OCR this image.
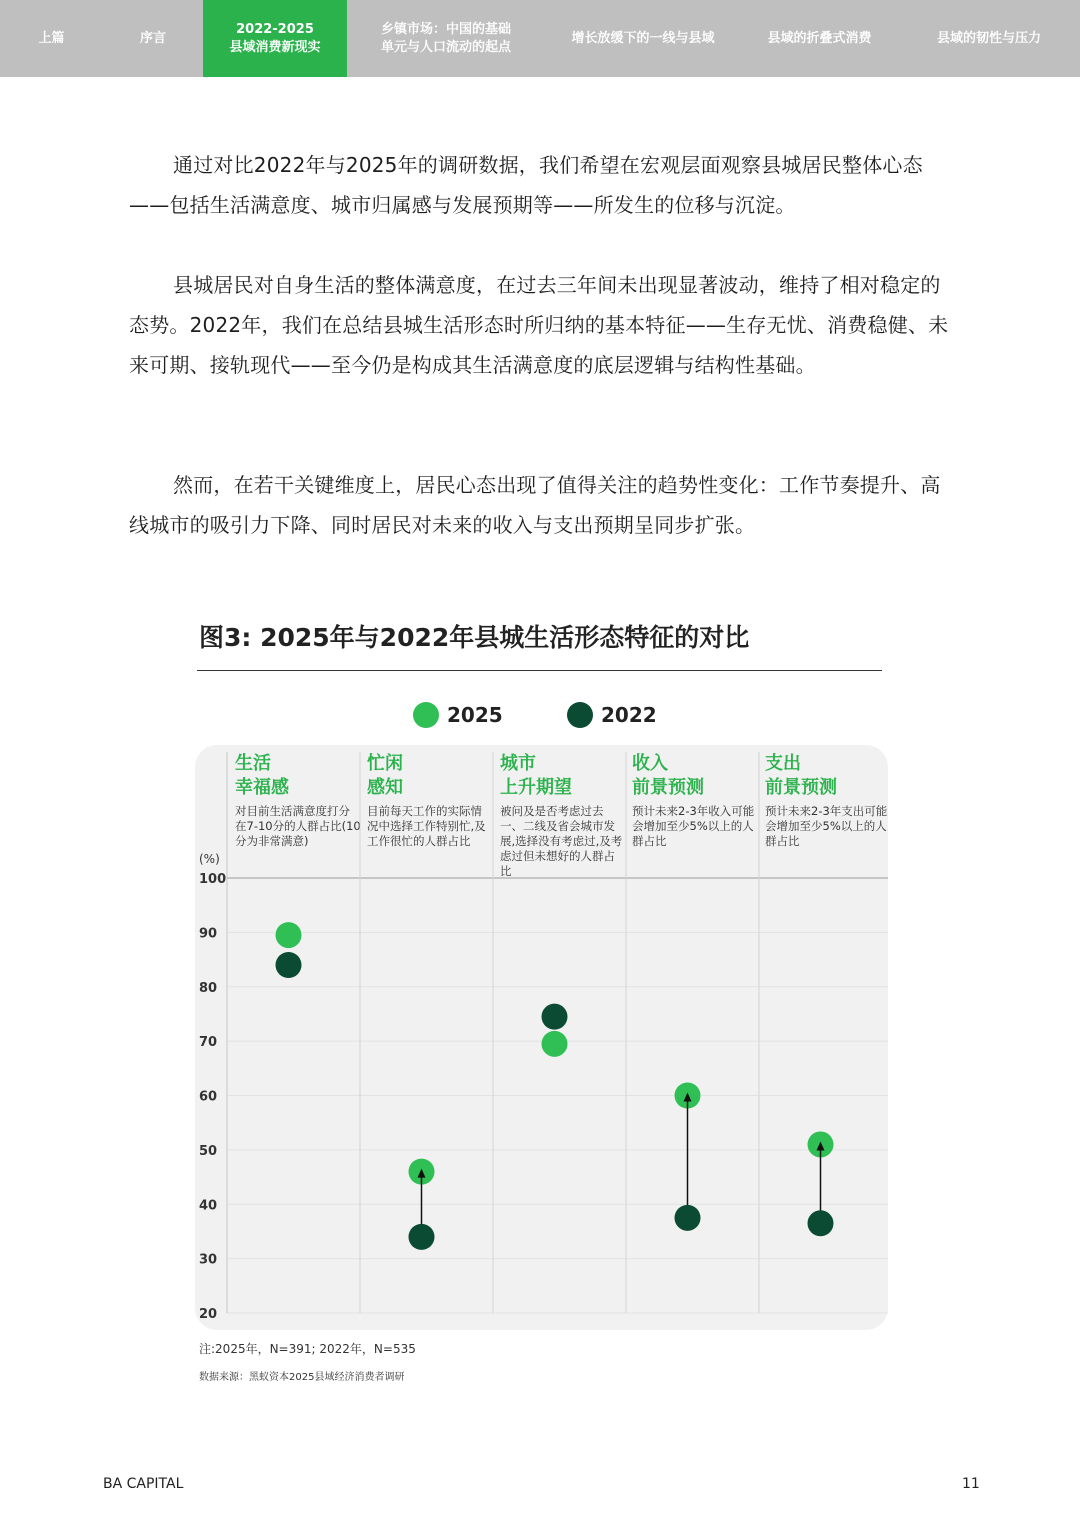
上篇	序言
2022-2025
县域消费新现实
乡镇市场：中国的基础
单元与人口流动的起点
增长放缓下的一线与县域	县域的折叠式消费	县域的韧性与压力

通过对比2022年与2025年的调研数据，我们希望在宏观层面观察县城居民整体心态——包括生活满意度、城市归属感与发展预期等——所发生的位移与沉淀。

县城居民对自身生活的整体满意度，在过去三年间未出现显著波动，维持了相对稳定的态势。2022年，我们在总结县城生活形态时所归纳的基本特征——生存无忧、消费稳健、未来可期、接轨现代——至今仍是构成其生活满意度的底层逻辑与结构性基础。

然而，在若干关键维度上，居民心态出现了值得关注的趋势性变化：工作节奏提升、高线城市的吸引力下降、同时居民对未来的收入与支出预期呈同步扩张。

图3: 2025年与2022年县城生活形态特征的对比
2025	2022

生活
幸福感

对目前生活满意度打分在7-10分的人群占比(10分为非常满意)

忙闲
感知

目前每天工作的实际情况中选择工作特别忙,及工作很忙的人群占比

城市
上升期望

被问及是否考虑过去一、二线及省会城市发展,选择没有考虑过,及考虑过但未想好的人群占比

收入
前景预测

预计未来2-3年收入可能会增加至少5%以上的人群占比

支出
前景预测

预计未来2-3年支出可能会增加至少5%以上的人群占比

(%)
100
90
80
70
60
50
40
30
20
注:2025年，N=391; 2022年，N=535
数据来源：黑蚁资本2025县域经济消费者调研
BA CAPITAL	11
